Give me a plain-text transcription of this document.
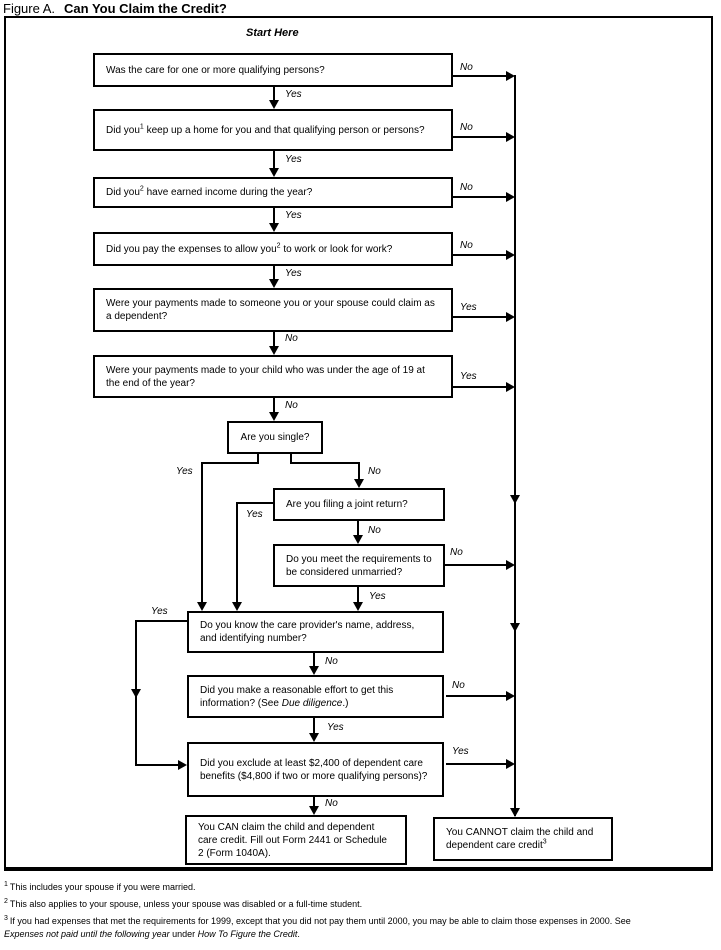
Figure A. Can You Claim the Credit?
Start Here
Was the care for one or more qualifying persons?
Did you$^1$ keep up a home for you and that qualifying person or persons?
Did you$^2$ have earned income during the year?
Did you pay the expenses to allow you$^2$ to work or look for work?
Were your payments made to someone you or your spouse could claim as a dependent?
Were your payments made to your child who was under the age of 19 at the end of the year?
Are you single?
Are you filing a joint return?
Do you meet the requirements to be considered unmarried?
Do you know the care provider's name, address, and identifying number?
Did you make a reasonable effort to get this information? (See Due diligence.)
Did you exclude at least $2,400 of dependent care benefits ($4,800 if two or more qualifying persons)?
You CAN claim the child and dependent care credit. Fill out Form 2441 or Schedule 2 (Form 1040A).
You CANNOT claim the child and dependent care credit$^3$
No
No
No
No
Yes
Yes
Yes
Yes
Yes
Yes
No
No
Yes	No
Yes
No
No
Yes
Yes
No
No
Yes
Yes
No
$^1$ This includes your spouse if you were married.
$^2$ This also applies to your spouse, unless your spouse was disabled or a full-time student.
$^3$ If you had expenses that met the requirements for 1999, except that you did not pay them until 2000, you may be able to claim those expenses in 2000. See
Expenses not paid until the following year under How To Figure the Credit.
